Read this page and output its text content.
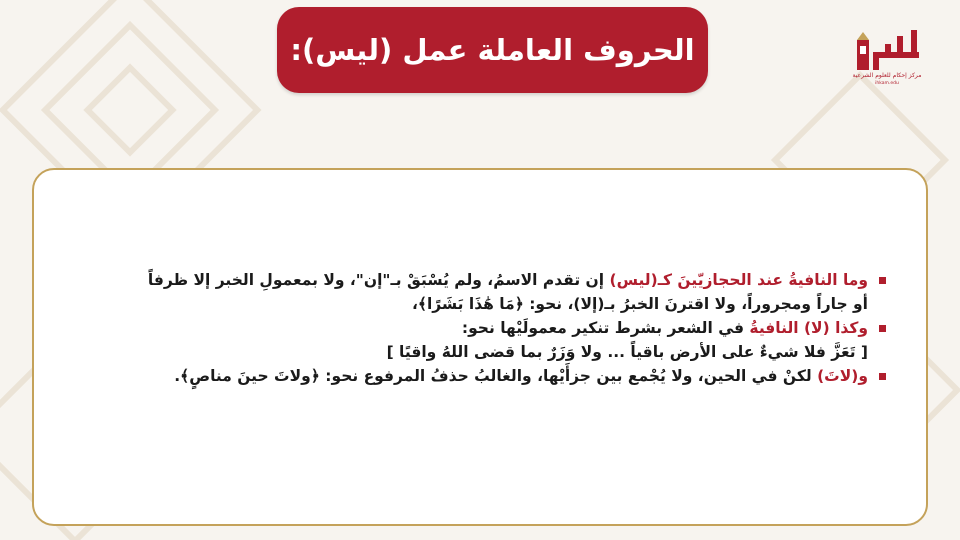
الحروف العاملة عمل (ليس):
مركز إحكام للعلوم الشرعية
ihkam.edu
وما النافيةُ عند الحجازيّينَ كـ(ليس) إن تقدم الاسمُ، ولم يُسْبَقْ بـ"إن"، ولا بمعمولِ الخبر إلا ظرفاً
أو جاراً ومجروراً، ولا اقترنَ الخبرُ بـ(إلا)، نحو: ﴿مَا هَٰذَا بَشَرًا﴾،
وكذا (لا) النافيةُ في الشعر بشرط تنكير معمولَيْها نحو:
[ تَعَزَّ فلا شيءٌ على الأرض باقياً ... ولا وَزَرٌ بما قضى اللهُ واقيًا ]
و(لاتَ) لكنْ في الحين، ولا يُجْمع بين جزأَيْها، والغالبُ حذفُ المرفوع نحو: ﴿ولاتَ حينَ مناصٍ﴾.
